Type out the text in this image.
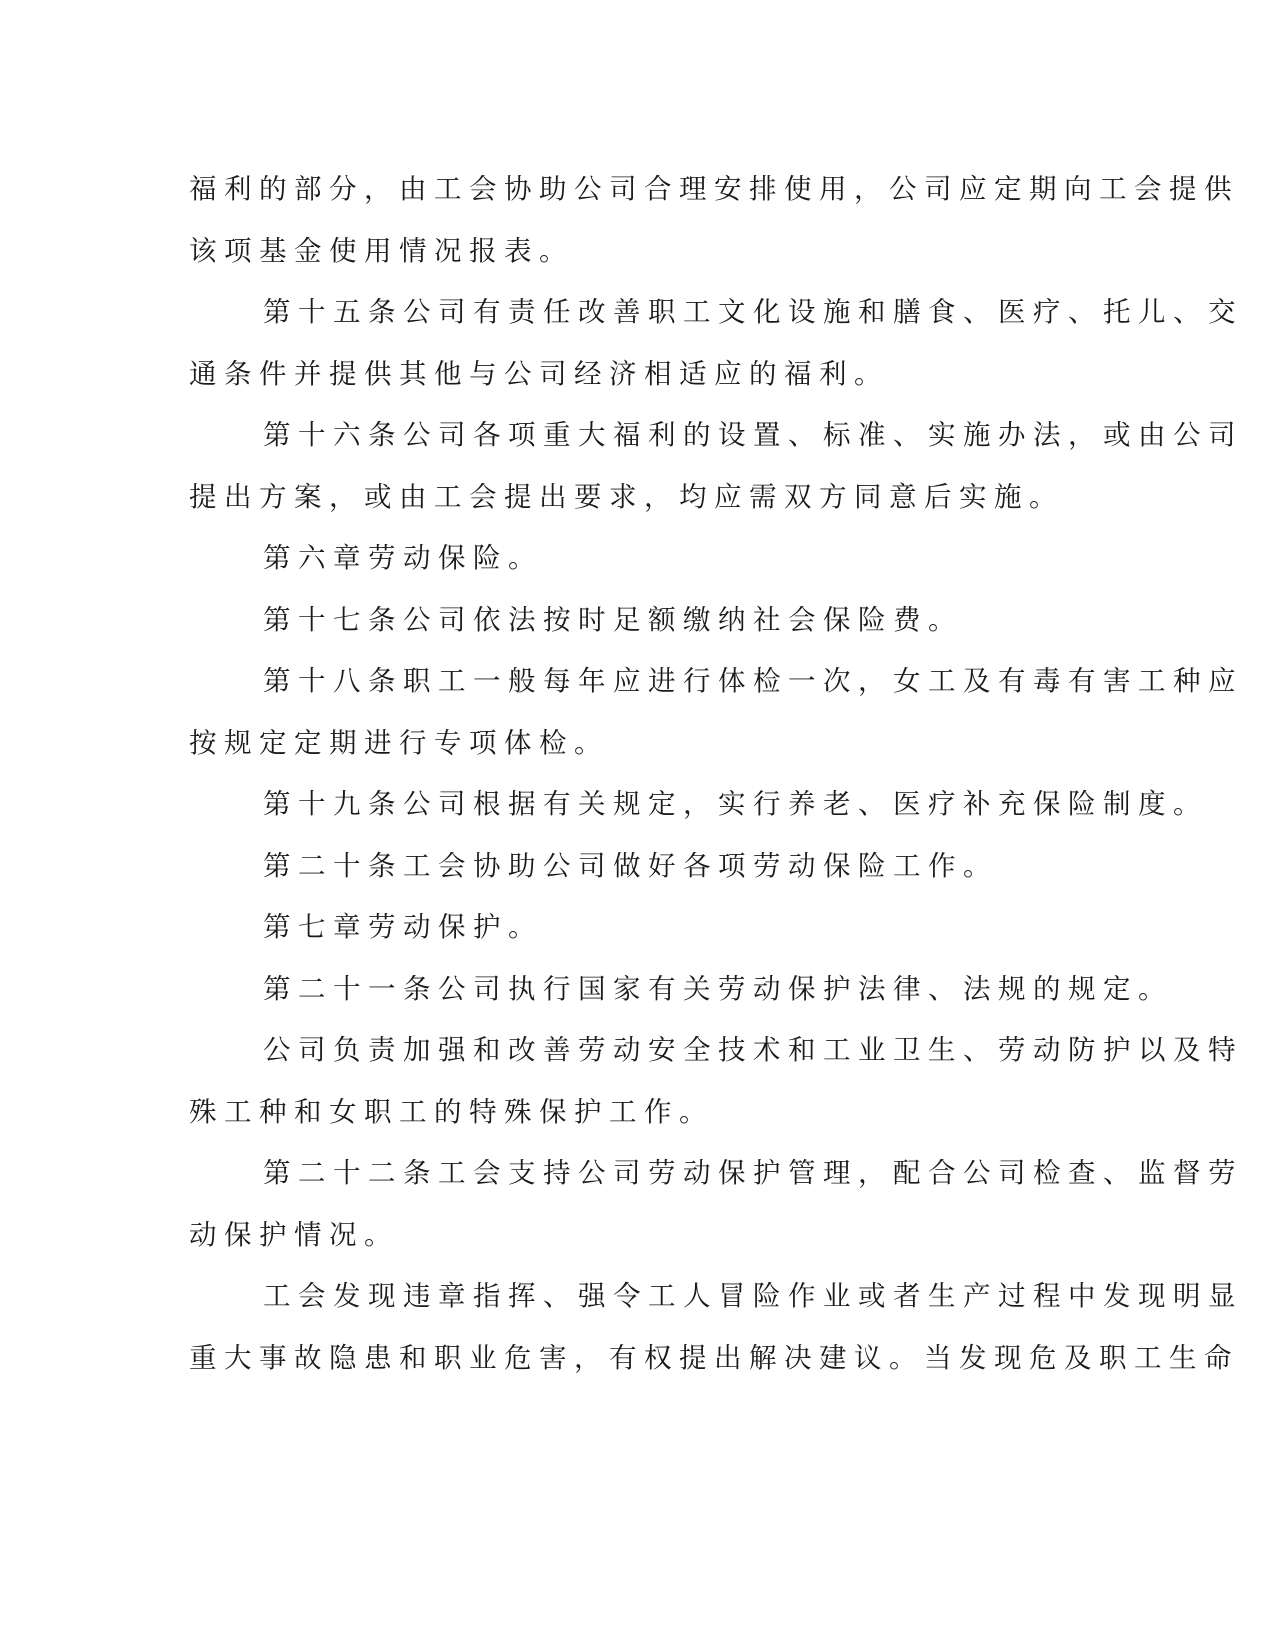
福利的部分，由工会协助公司合理安排使用，公司应定期向工会提供
该项基金使用情况报表。
第十五条公司有责任改善职工文化设施和膳食、医疗、托儿、交
通条件并提供其他与公司经济相适应的福利。
第十六条公司各项重大福利的设置、标准、实施办法，或由公司
提出方案，或由工会提出要求，均应需双方同意后实施。
第六章劳动保险。
第十七条公司依法按时足额缴纳社会保险费。
第十八条职工一般每年应进行体检一次，女工及有毒有害工种应
按规定定期进行专项体检。
第十九条公司根据有关规定，实行养老、医疗补充保险制度。
第二十条工会协助公司做好各项劳动保险工作。
第七章劳动保护。
第二十一条公司执行国家有关劳动保护法律、法规的规定。
公司负责加强和改善劳动安全技术和工业卫生、劳动防护以及特
殊工种和女职工的特殊保护工作。
第二十二条工会支持公司劳动保护管理，配合公司检查、监督劳
动保护情况。
工会发现违章指挥、强令工人冒险作业或者生产过程中发现明显
重大事故隐患和职业危害，有权提出解决建议。当发现危及职工生命
